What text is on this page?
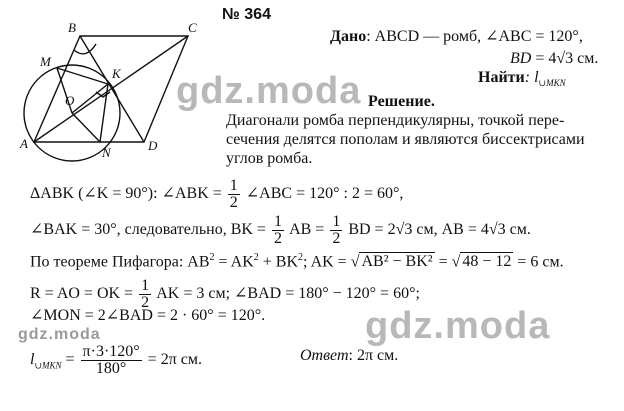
№ 364
B	C
A	D
M
K
O
N
Дано: ABCD — ромб, ∠ABC = 120°,
BD = 4√3 см.
Найти: $l_{\cup MKN}$
gdz.moda
gdz.moda
gdz.moda
Решение.
Диагонали ромба перпендикулярны, точкой пере-
сечения делятся пополам и являются биссектрисами
углов ромба.
ΔABK (∠K = 90°): ∠ABK = $\frac{1}{2}$ ∠ABC = 120° : 2 = 60°,
∠BAK = 30°, следовательно, BK = $\frac{1}{2}$ AB = $\frac{1}{2}$ BD = 2√3 см, AB = 4√3 см.
По теореме Пифагора: $AB^2 = AK^2 + BK^2$; AK = √ AB² − BK² = √ 48 − 12 = 6 см.
R = AO = OK = $\frac{1}{2}$ AK = 3 см; ∠BAD = 180° − 120° = 60°;
∠MON = 2∠BAD = 2 · 60° = 120°.
$l_{\cup MKN} = \frac{\pi\cdot 3\cdot 120^\circ}{180^\circ} = 2\pi$ см.	Ответ: 2π см.
